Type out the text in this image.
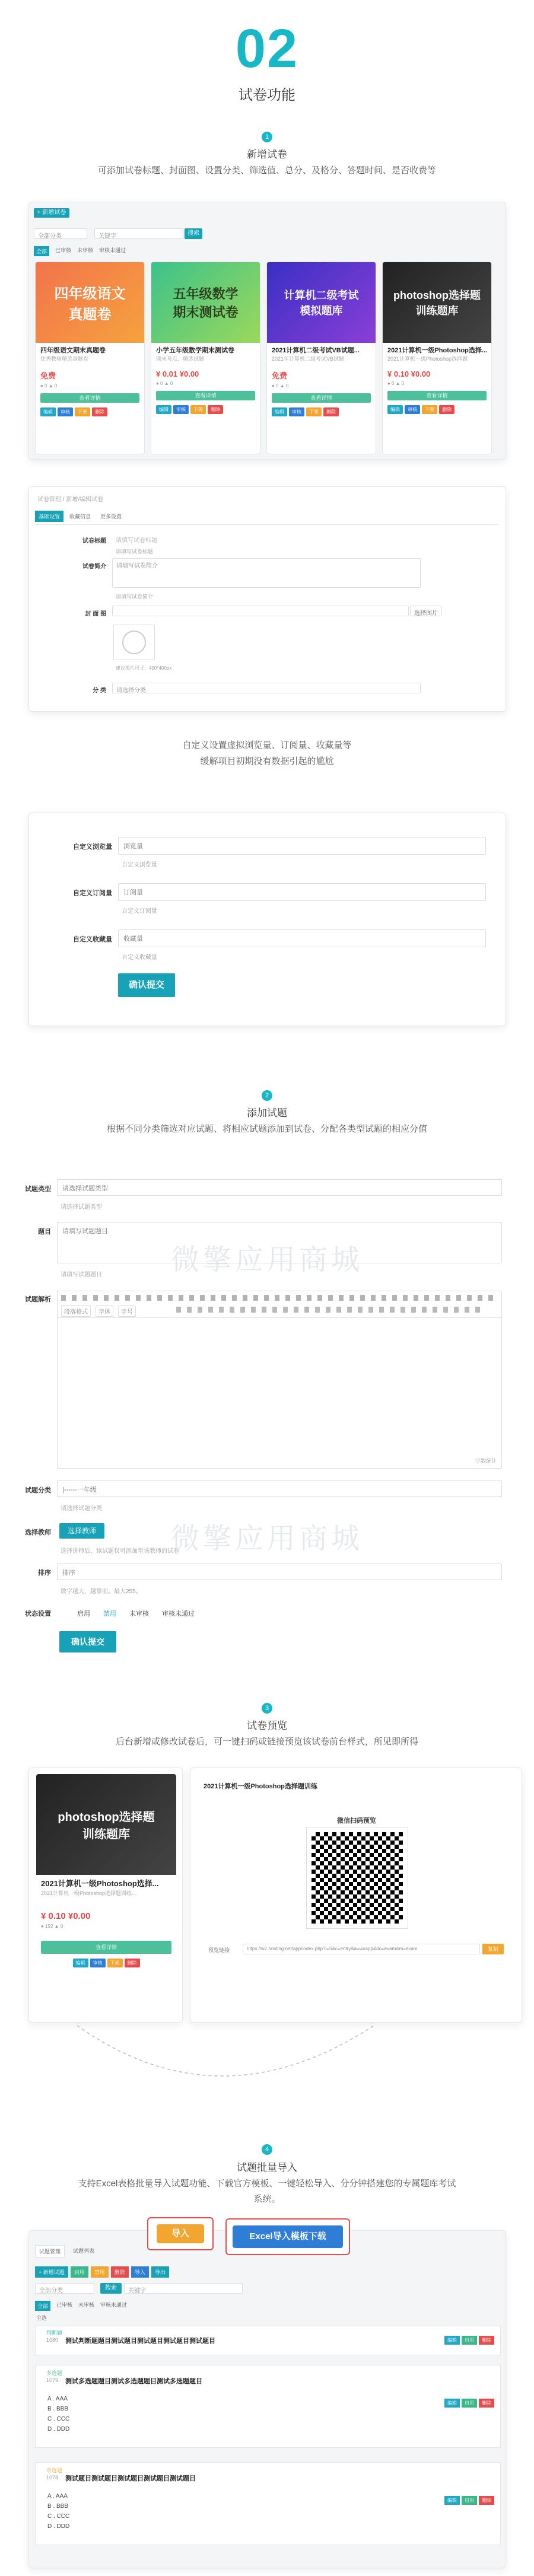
02
试卷功能
1
新增试卷
可添加试卷标题、封面图、设置分类、筛选值、总分、及格分、答题时间、是否收费等
+ 新增试卷
全部分类	关键字	搜索
全部	已审核 未审核 审核未通过
四年级语文
真题卷
四年级语文期末真题卷
优秀教师精选真题卷
免费
● 0 ▲ 0
查看详情
编辑	审核	下架	删除
五年级数学
期末测试卷
小学五年级数学期末测试卷
期末考点、精选试题
¥ 0.01 ¥0.00
● 0 ▲ 0
查看详情
编辑	审核	下架	删除
计算机二级考试
模拟题库
2021计算机二级考试VB试题...
2021年计算机二级考试VB试题
免费
● 0 ▲ 0
查看详情
编辑	审核	下架	删除
photoshop选择题
训练题库
2021计算机一级Photoshop选择...
2021计算机一级Photoshop选择题
¥ 0.10 ¥0.00
● 0 ▲ 0
查看详情
编辑	审核	下架	删除
试卷管理 / 新增/编辑试卷
基础设置	收藏信息	更多设置
试卷标题	请填写试卷标题
请填写试卷标题
试卷简介	请填写试卷简介
请填写试卷简介
封 面 图	选择图片
建议图片尺寸：400*400px
分 类	请选择分类
自定义设置虚拟浏览量、订阅量、收藏量等
缓解项目初期没有数据引起的尴尬
自定义浏览量	浏览量
自定义浏览量
自定义订阅量	订阅量
自定义订阅量
自定义收藏量	收藏量
自定义收藏量
确认提交
2
添加试题
根据不同分类筛选对应试题、将相应试题添加到试卷、分配各类型试题的相应分值
试题类型	请选择试题类型
请选择试题类型
题目	请填写试题题目
请填写试题题目
试题解析
段落格式	字体	字号
字数统计
微擎应用商城
微擎应用商城
试题分类	|------一年级
请选择试题分类
选择教师	选择教师
选择讲师后，该试题仅可添加至该教师的试卷
排序	排序
数字越大，越靠前。最大255。
状态设置	启用 禁用 未审核 审核未通过
确认提交
3
试卷预览
后台新增或修改试卷后，可一键扫码或链接预览该试卷前台样式，所见即所得
photoshop选择题
训练题库
2021计算机一级Photoshop选择...
2021计算机一级Photoshop选择题训练...
¥ 0.10 ¥0.00
● 192 ▲ 0
查看详情
编辑	审核	下架	删除
2021计算机一级Photoshop选择题训练
微信扫码预览
预览链接	https://w7.hosting.net/app/index.php?i=5&c=entry&a=wxapp&do=exam&m=exam	复制
4
试题批量导入
支持Excel表格批量导入试题功能、下载官方模板、一键轻松导入、分分钟搭建您的专属题库考试
系统。
试题管理	试题列表
+ 新增试题	启用	禁用	删除	导入	导出
全部分类	关键字
搜索
全部	已审核 未审核 审核未通过
全选
判断题
1080 测试判断题题目测试题目测试题目测试题目测试题目	编辑	启用	删除
多选题
1079 测试多选题题目测试多选题题目测试多选题题目
A . AAA
B . BBB
C . CCC
D . DDD
编辑	启用	删除
单选题
1078 测试题目测试题目测试题目测试题目测试题目
A . AAA
B . BBB
C . CCC
D . DDD
编辑	启用	删除
导入	Excel导入模板下载
